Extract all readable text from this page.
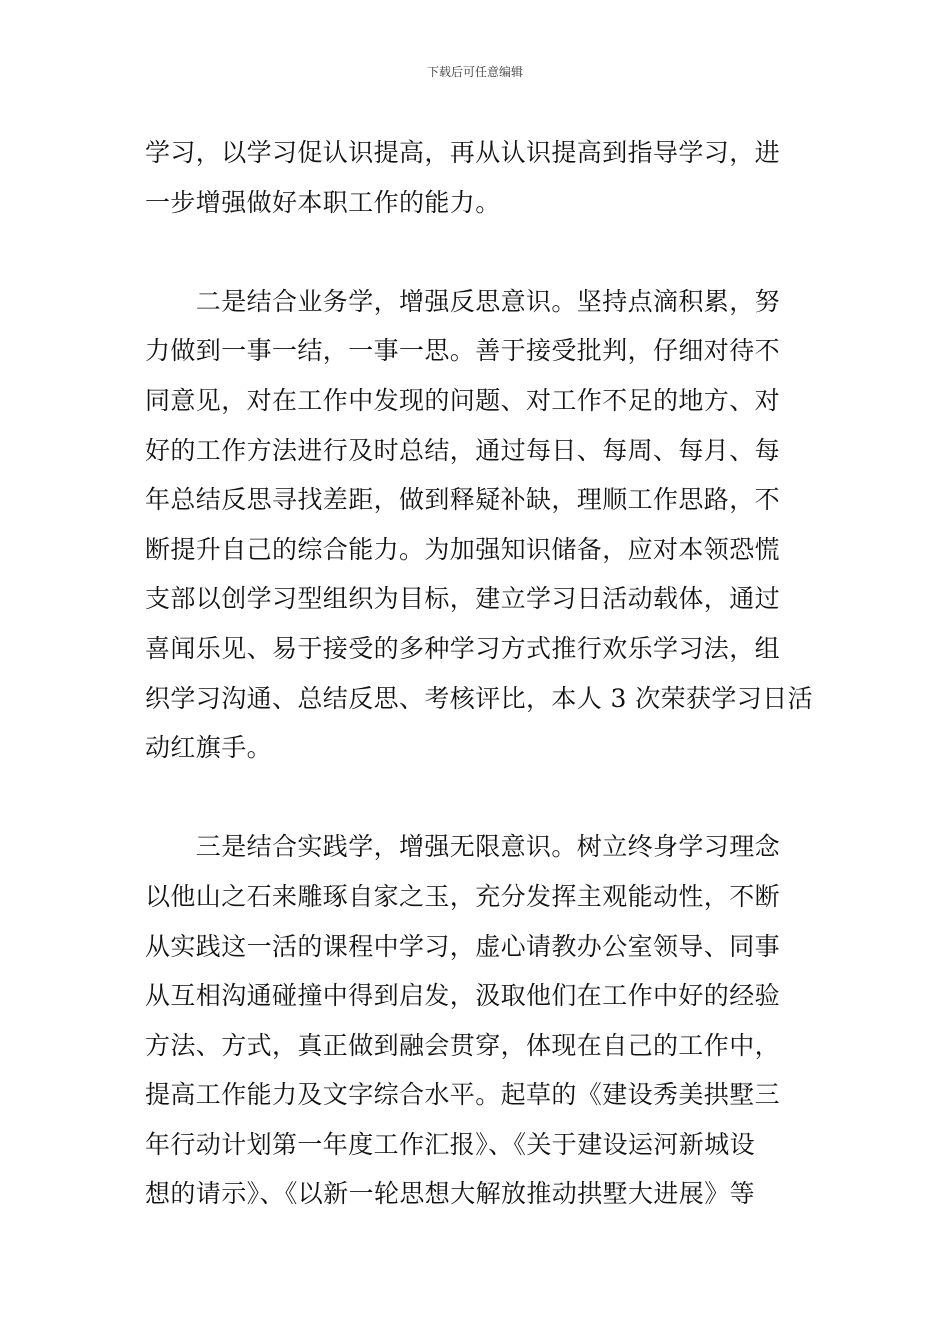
下载后可任意编辑
学习，以学习促认识提高，再从认识提高到指导学习，进
一步增强做好本职工作的能力。
　　二是结合业务学，增强反思意识。坚持点滴积累，努
力做到一事一结，一事一思。善于接受批判，仔细对待不
同意见，对在工作中发现的问题、对工作不足的地方、对
好的工作方法进行及时总结，通过每日、每周、每月、每
年总结反思寻找差距，做到释疑补缺，理顺工作思路，不
断提升自己的综合能力。为加强知识储备，应对本领恐慌
支部以创学习型组织为目标，建立学习日活动载体，通过
喜闻乐见、易于接受的多种学习方式推行欢乐学习法，组
织学习沟通、总结反思、考核评比，本人 3 次荣获学习日活
动红旗手。
　　三是结合实践学，增强无限意识。树立终身学习理念
以他山之石来雕琢自家之玉，充分发挥主观能动性，不断
从实践这一活的课程中学习，虚心请教办公室领导、同事
从互相沟通碰撞中得到启发，汲取他们在工作中好的经验
方法、方式，真正做到融会贯穿，体现在自己的工作中，
提高工作能力及文字综合水平。起草的《建设秀美拱墅三
年行动计划第一年度工作汇报》、《关于建设运河新城设
想的请示》、《以新一轮思想大解放推动拱墅大进展》等
